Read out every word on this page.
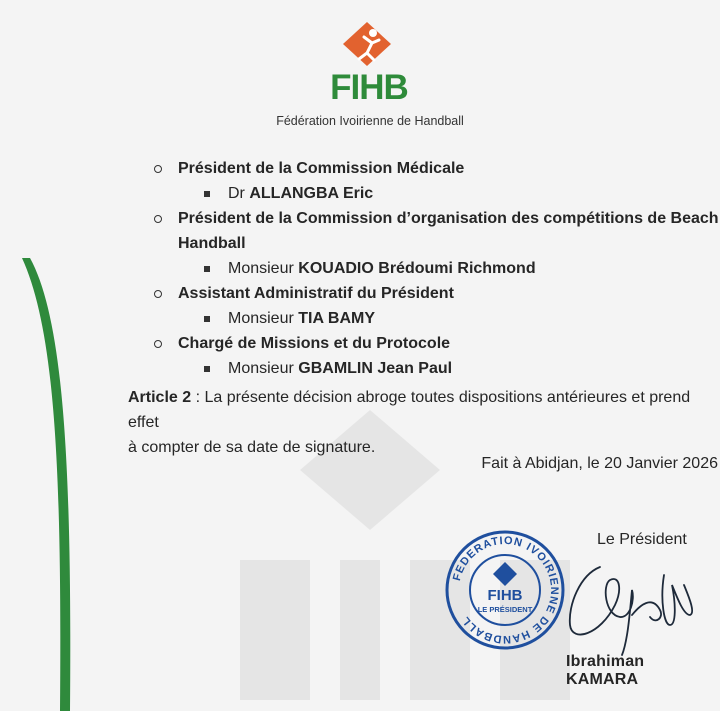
FIHB
Fédération Ivoirienne de Handball
Président de la Commission Médicale
Dr ALLANGBA Eric
Président de la Commission d’organisation des compétitions de Beach
Handball
Monsieur KOUADIO Brédoumi Richmond
Assistant Administratif du Président
Monsieur TIA BAMY
Chargé de Missions et du Protocole
Monsieur GBAMLIN Jean Paul
Article 2 : La présente décision abroge toutes dispositions antérieures et prend effet
à compter de sa date de signature.
Fait à Abidjan, le 20 Janvier 2026
Le Président
FEDERATION IVOIRIENNE DE HANDBALL
FIHB
LE PRÉSIDENT
Ibrahiman KAMARA
